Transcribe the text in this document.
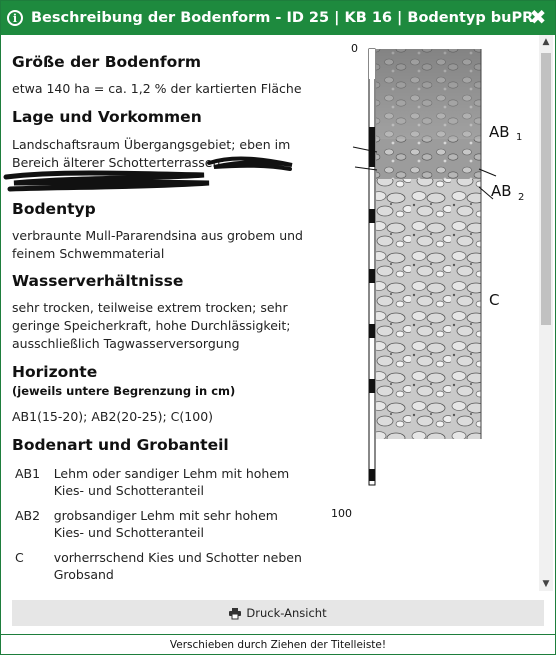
i Beschreibung der Bodenform - ID 25 | KB 16 | Bodentyp buPR
✖
Größe der Bodenform

etwa 140 ha = ca. 1,2 % der kartierten Fläche

Lage und Vorkommen

Landschaftsraum Übergangsgebiet; eben im Bereich älterer Schotterterrassen;

Bodentyp

verbraunte Mull-Pararendsina aus grobem und feinem Schwemmaterial

Wasserverhältnisse

sehr trocken, teilweise extrem trocken; sehr geringe Speicherkraft, hohe Durchlässigkeit; ausschließlich Tagwasserversorgung

Horizonte
(jeweils untere Begrenzung in cm)

AB1(15-20); AB2(20-25); C(100)

Bodenart und Grobanteil
AB1	Lehm oder sandiger Lehm mit hohem Kies- und Schotteranteil
AB2	grobsandiger Lehm mit sehr hohem Kies- und Schotteranteil
C	vorherrschend Kies und Schotter neben Grobsand
0
100
AB 1
AB 2
C
▲
▼
Druck-Ansicht
Verschieben durch Ziehen der Titelleiste!
